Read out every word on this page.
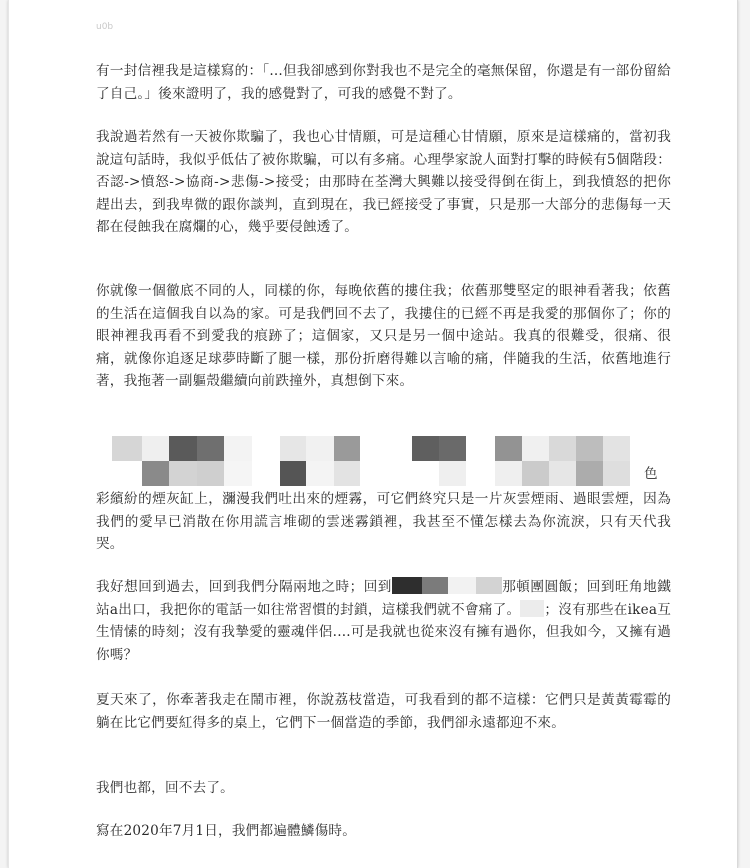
u0b
有一封信裡我是這樣寫的：「...但我卻感到你對我也不是完全的毫無保留，你還是有一部份留給了自己。」後來證明了，我的感覺對了，可我的感覺不對了。
我說過若然有一天被你欺騙了，我也心甘情願，可是這種心甘情願，原來是這樣痛的，當初我說這句話時，我似乎低估了被你欺騙，可以有多痛。心理學家說人面對打擊的時候有5個階段：否認->憤怒->協商->悲傷->接受；由那時在荃灣大興難以接受得倒在街上，到我憤怒的把你趕出去，到我卑微的跟你談判，直到現在，我已經接受了事實，只是那一大部分的悲傷每一天都在侵蝕我在腐爛的心，幾乎要侵蝕透了。
你就像一個徹底不同的人，同樣的你，每晚依舊的摟住我；依舊那雙堅定的眼神看著我；依舊的生活在這個我自以為的家。可是我們回不去了，我摟住的已經不再是我愛的那個你了；你的眼神裡我再看不到愛我的痕跡了；這個家，又只是另一個中途站。我真的很難受，很痛、很痛，就像你追逐足球夢時斷了腿一樣，那份折磨得難以言喻的痛，伴隨我的生活，依舊地進行著，我拖著一副軀殼繼續向前跌撞外，真想倒下來。
色
彩繽紛的煙灰缸上，瀰漫我們吐出來的煙霧，可它們終究只是一片灰雲煙雨、過眼雲煙，因為我們的愛早已消散在你用謊言堆砌的雲迷霧鎖裡，我甚至不懂怎樣去為你流淚，只有天代我哭。
我好想回到過去，回到我們分隔兩地之時；回到	那頓團圓飯；回到旺角地鐵站a出口，我把你的電話一如往常習慣的封鎖，這樣我們就不會痛了。 ；沒有那些在ikea互生情愫的時刻；沒有我摯愛的靈魂伴侶....可是我就也從來沒有擁有過你，但我如今，又擁有過你嗎？
夏天來了，你牽著我走在鬧市裡，你說荔枝當造，可我看到的都不這樣：它們只是黃黃霉霉的躺在比它們要紅得多的桌上，它們下一個當造的季節，我們卻永遠都迎不來。
我們也都，回不去了。
寫在2020年7月1日，我們都遍體鱗傷時。
